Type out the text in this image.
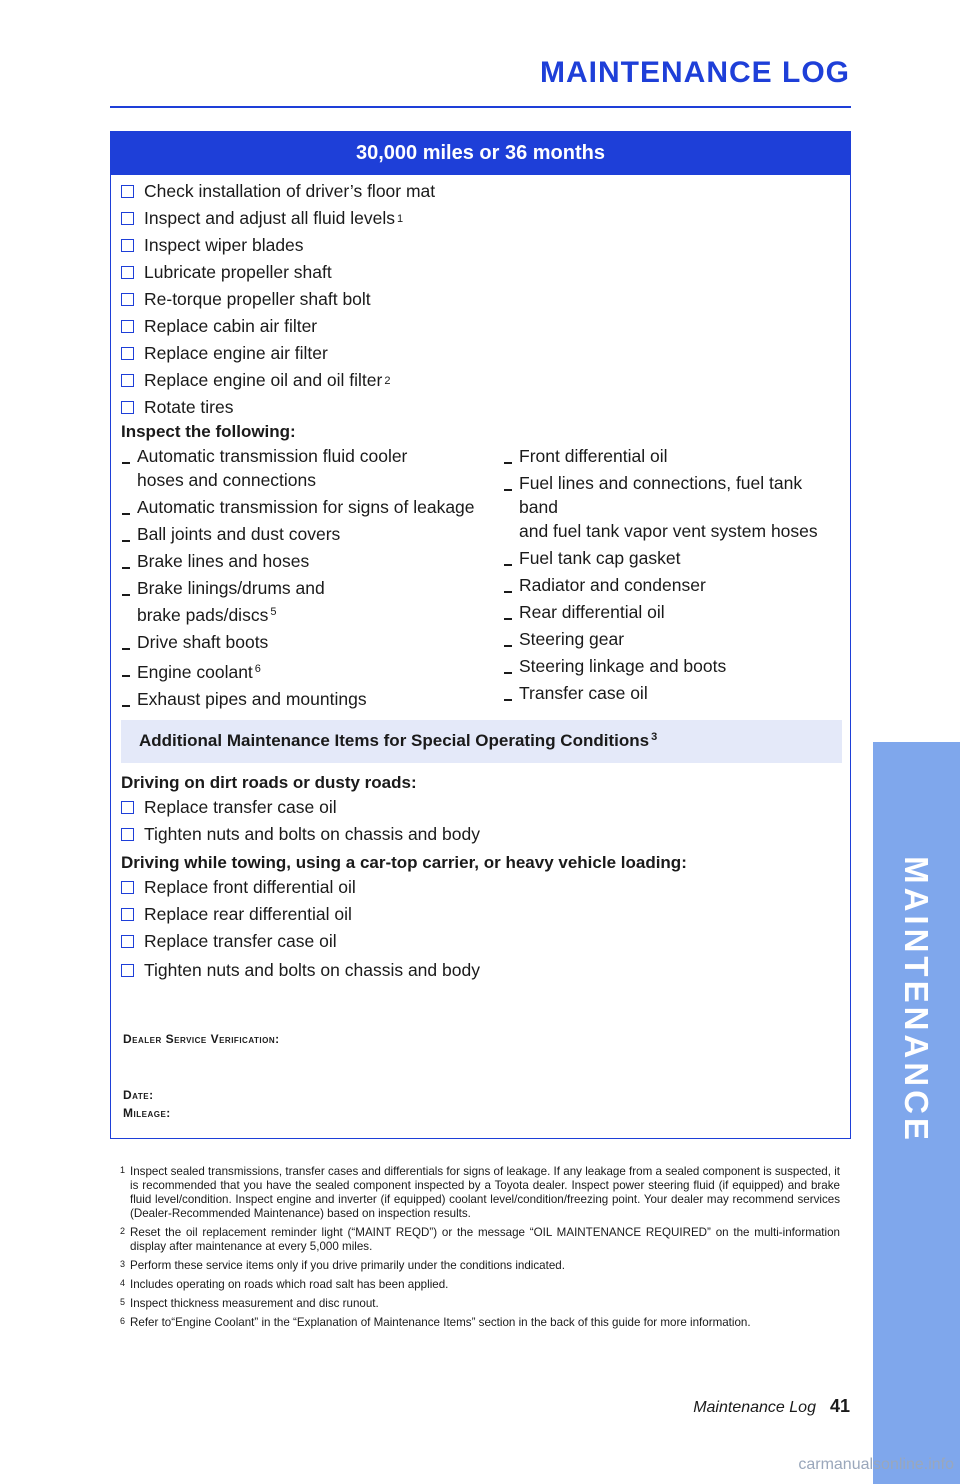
MAINTENANCE LOG
30,000 miles or 36 months
Check installation of driver’s floor mat
Inspect and adjust all fluid levels 1
Inspect wiper blades
Lubricate propeller shaft
Re-torque propeller shaft bolt
Replace cabin air filter
Replace engine air filter
Replace engine oil and oil filter 2
Rotate tires
Inspect the following:
Automatic transmission fluid cooler
hoses and connections
Automatic transmission for signs of leakage
Ball joints and dust covers
Brake lines and hoses
Brake linings/drums and
brake pads/discs $^5$
Drive shaft boots
Engine coolant $^6$
Exhaust pipes and mountings
Front differential oil
Fuel lines and connections, fuel tank band
and fuel tank vapor vent system hoses
Fuel tank cap gasket
Radiator and condenser
Rear differential oil
Steering gear
Steering linkage and boots
Transfer case oil
Additional Maintenance Items for Special Operating Conditions $^3$
Driving on dirt roads or dusty roads:
Replace transfer case oil
Tighten nuts and bolts on chassis and body
Driving while towing, using a car-top carrier, or heavy vehicle loading:
Replace front differential oil
Replace rear differential oil
Replace transfer case oil
Tighten nuts and bolts on chassis and body
Dealer Service Verification:
Date:
Mileage:
1 Inspect sealed transmissions, transfer cases and differentials for signs of leakage. If any leakage from a sealed component is suspected, it is recommended that you have the sealed component inspected by a Toyota dealer. Inspect power steering fluid (if equipped) and brake fluid level/condition. Inspect engine and inverter (if equipped) coolant level/condition/freezing point. Your dealer may recommend services (Dealer-Recommended Maintenance) based on inspection results.
2 Reset the oil replacement reminder light (“MAINT REQD”) or the message “OIL MAINTENANCE REQUIRED” on the multi-information display after maintenance at every 5,000 miles.
3 Perform these service items only if you drive primarily under the conditions indicated.
4 Includes operating on roads which road salt has been applied.
5 Inspect thickness measurement and disc runout.
6 Refer to“Engine Coolant” in the “Explanation of Maintenance Items” section in the back of this guide for more information.
Maintenance Log 41
MAINTENANCE
carmanualsonline.info
